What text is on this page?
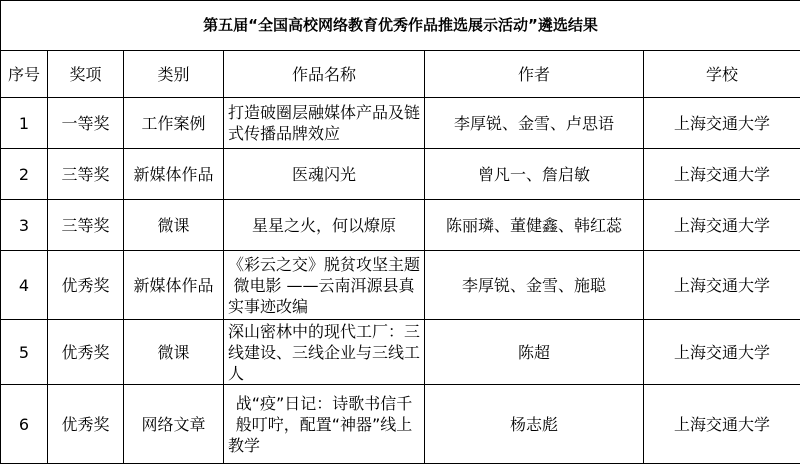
第五届“全国高校网络教育优秀作品推选展示活动”遴选结果					
序号	奖项	类别	作品名称	作者	学校
1	一等奖	工作案例	打造破圈层融媒体产品及链式传播品牌效应	李厚锐、金雪、卢思语	上海交通大学
2	三等奖	新媒体作品	医魂闪光	曾凡一、詹启敏	上海交通大学
3	三等奖	微课	星星之火，何以燎原	陈丽璘、董健鑫、韩红蕊	上海交通大学
4	优秀奖	新媒体作品	《彩云之交》脱贫攻坚主题微电影 ——云南洱源县真实事迹改编	李厚锐、金雪、施聪	上海交通大学
5	优秀奖	微课	深山密林中的现代工厂：三线建设、三线企业与三线工人	陈超	上海交通大学
6	优秀奖	网络文章	战“疫”日记：诗歌书信千般叮咛，配置“神器”线上教学	杨志彪	上海交通大学
